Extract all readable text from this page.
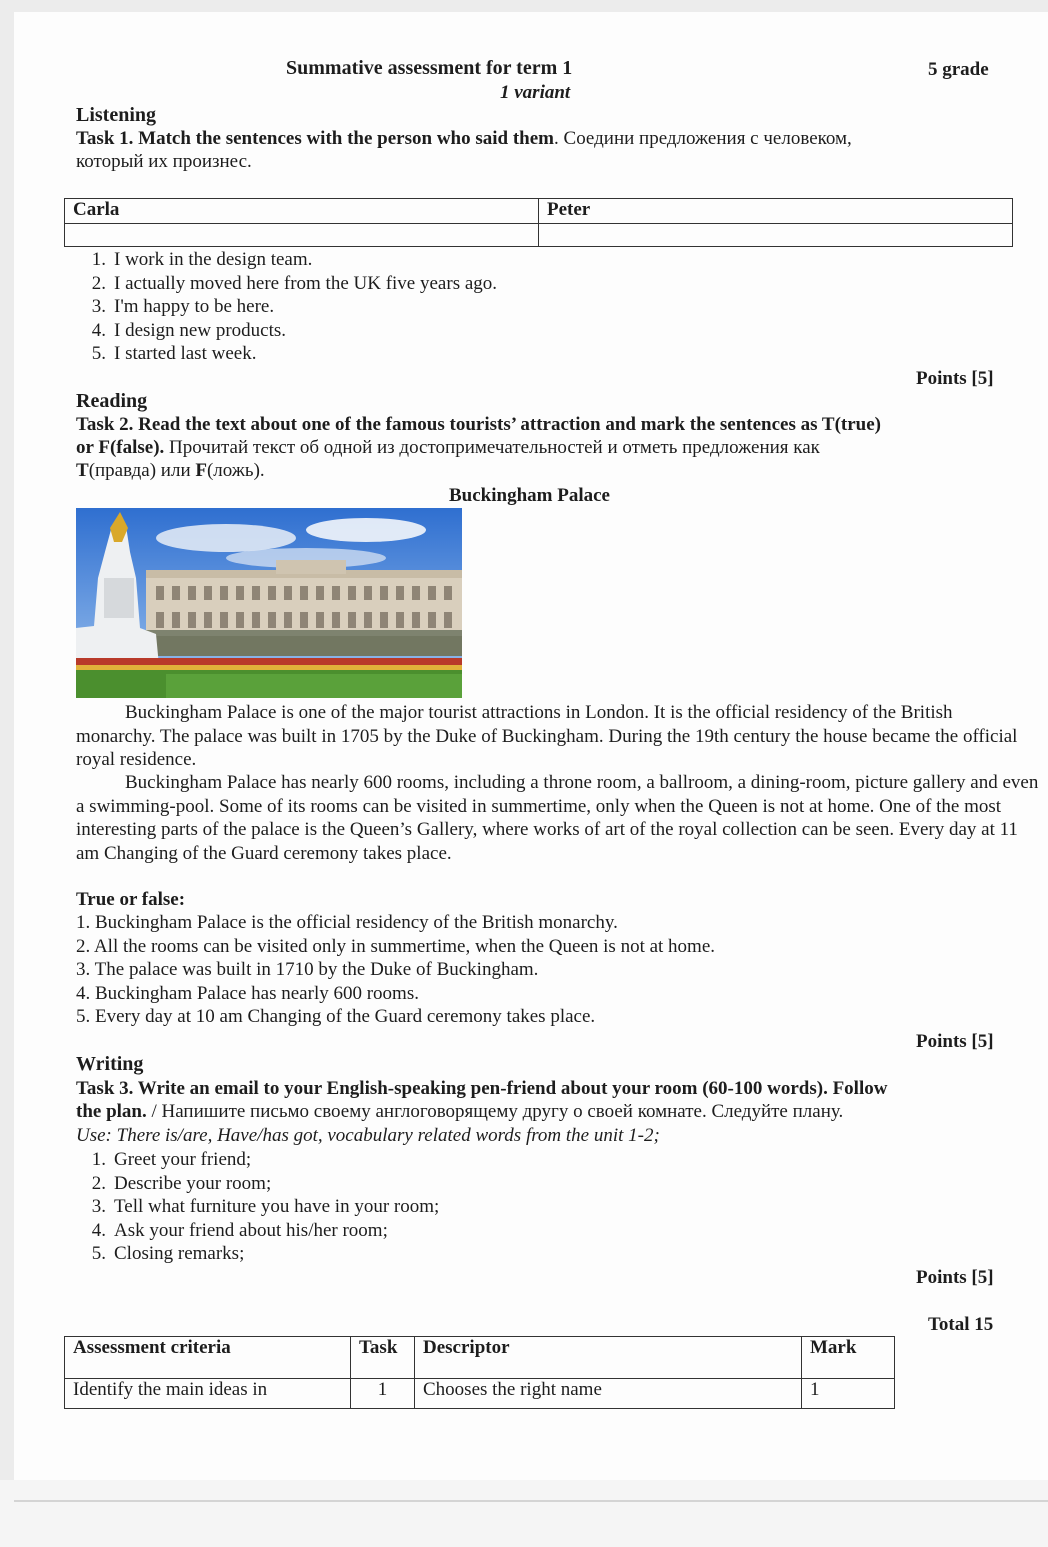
Summative assessment for term 1	5 grade
1 variant
Listening
Task 1. Match the sentences with the person who said them. Соедини предложения с человеком,
который их произнес.
Carla	Peter

1. I work in the design team.
2. I actually moved here from the UK five years ago.
3. I'm happy to be here.
4. I design new products.
5. I started last week.
Points [5]
Reading
Task 2. Read the text about one of the famous tourists’ attraction and mark the sentences as T(true)
or F(false). Прочитай текст об одной из достопримечательностей и отметь предложения как
Т(правда) или F(ложь).
Buckingham Palace
Buckingham Palace is one of the major tourist attractions in London. It is the official residency of the British monarchy. The palace was built in 1705 by the Duke of Buckingham. During the 19th century the house became the official royal residence.
Buckingham Palace has nearly 600 rooms, including a throne room, a ballroom, a dining-room, picture gallery and even a swimming-pool. Some of its rooms can be visited in summertime, only when the Queen is not at home. One of the most interesting parts of the palace is the Queen’s Gallery, where works of art of the royal collection can be seen. Every day at 11 am Changing of the Guard ceremony takes place.
True or false:
1. Buckingham Palace is the official residency of the British monarchy.
2. All the rooms can be visited only in summertime, when the Queen is not at home.
3. The palace was built in 1710 by the Duke of Buckingham.
4. Buckingham Palace has nearly 600 rooms.
5. Every day at 10 am Changing of the Guard ceremony takes place.
Points [5]
Writing
Task 3. Write an email to your English-speaking pen-friend about your room (60-100 words). Follow
the plan. / Напишите письмо своему англоговорящему другу о своей комнате. Следуйте плану.
Use: There is/are, Have/has got, vocabulary related words from the unit 1-2;
1. Greet your friend;
2. Describe your room;
3. Tell what furniture you have in your room;
4. Ask your friend about his/her room;
5. Closing remarks;
Points [5]
Total 15
Assessment criteria	Task	Descriptor	Mark
Identify the main ideas in	1	Chooses the right name	1
